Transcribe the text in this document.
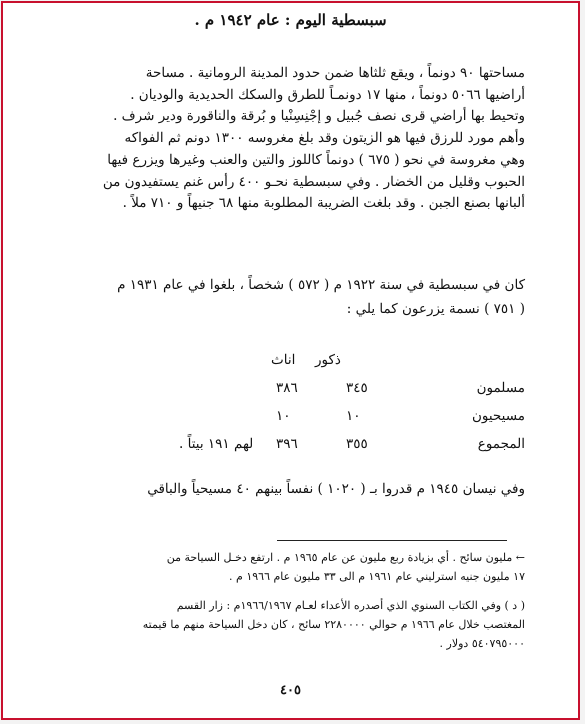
سبسطية اليوم : عام ١٩٤٢ م .

مساحتها ٩٠ دونماً ، ويقع ثلثاها ضمن حدود المدينة الرومانية . مساحة

أراضيها ٥٠٦٦ دونماً ، منها ١٧ دونمـاً للطرق والسكك الحديدية والوديان .

وتحيط بها أراضي قرى نصف جُبيل و إجْنِسِنْيا و بُرقة والناقورة ودير شرف .

وأهم مورد للرزق فيها هو الزيتون وقد بلغ مغروسه ١٣٠٠ دونم ثم الفواكه

وهي مغروسة في نحو ( ٦٧٥ ) دونماً كاللوز والتين والعنب وغيرها ويزرع فيها

الحبوب وقليل من الخضار . وفي سبسطية نحـو ٤٠٠ رأس غنم يستفيدون من

ألبانها بصنع الجبن . وقد بلغت الضريبة المطلوبة منها ٦٨ جنيهاً و ٧١٠ ملاً .

كان في سبسطية في سنة ١٩٢٢ م ( ٥٧٢ ) شخصاً ، بلغوا في عام ١٩٣١ م

( ٧٥١ ) نسمة يزرعون كما يلي :

ذكور
اناث
مسلمون
٣٤٥
٣٨٦
مسيحيون
١٠
١٠
المجموع
٣٥٥
٣٩٦
لهم ١٩١ بيتاً .
وفي نيسان ١٩٤٥ م قدروا بـ ( ١٠٢٠ ) نفساً بينهم ٤٠ مسيحياً والباقي

← مليون سائح . أي بزيادة ربع مليون عن عام ١٩٦٥ م . ارتفع دخـل السياحة من

١٧ مليون جنيه استرليني عام ١٩٦١ م الى ٣٣ مليون عام ١٩٦٦ م .

( د ) وفي الكتاب السنوي الذي أصدره الأعداء لعـام ١٩٦٦/١٩٦٧م : زار القسم

المغتصب خلال عام ١٩٦٦ م حوالي ٢٢٨٠٠٠٠ سائح ، كان دخل السياحة منهم ما قيمته

٥٤٠٧٩٥٠٠٠ دولار .

٤٠٥
